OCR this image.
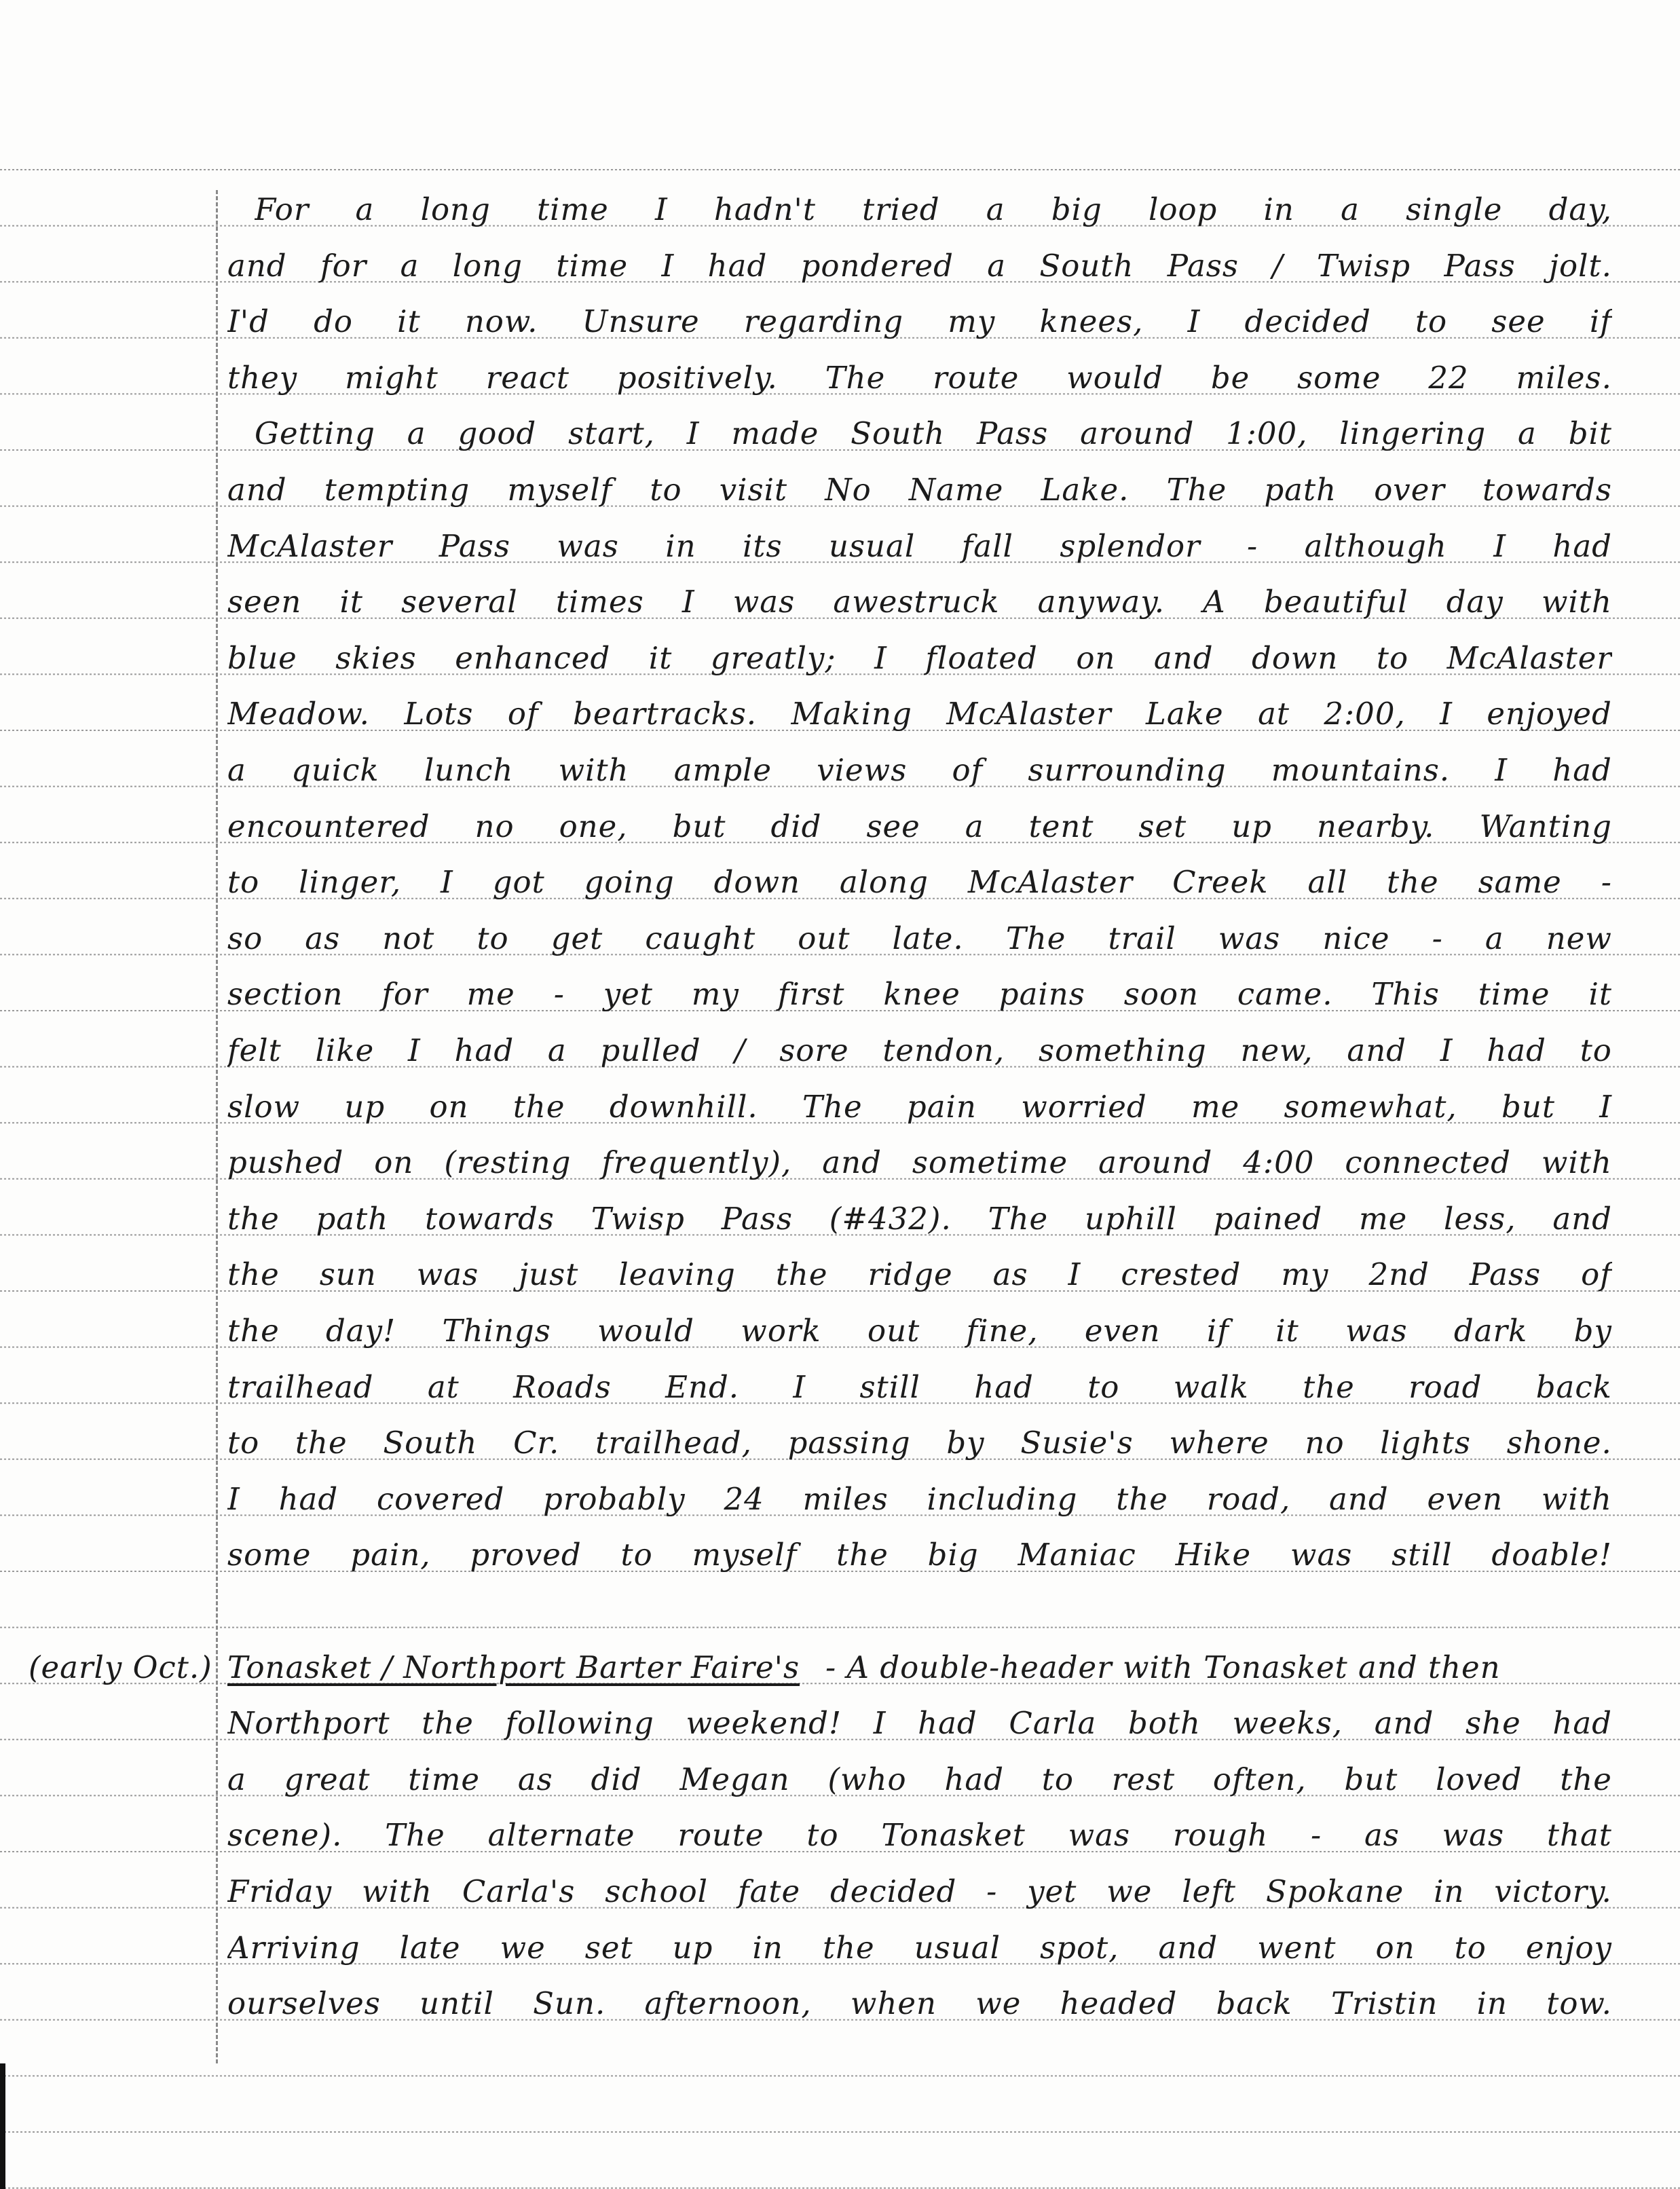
(early Oct.)
For a long time I hadn't tried a big loop in a single day,
and for a long time I had pondered a South Pass / Twisp Pass jolt.
I'd do it now. Unsure regarding my knees, I decided to see if
they might react positively. The route would be some 22 miles.
Getting a good start, I made South Pass around 1:00, lingering a bit
and tempting myself to visit No Name Lake. The path over towards
McAlaster Pass was in its usual fall splendor - although I had
seen it several times I was awestruck anyway. A beautiful day with
blue skies enhanced it greatly; I floated on and down to McAlaster
Meadow. Lots of beartracks. Making McAlaster Lake at 2:00, I enjoyed
a quick lunch with ample views of surrounding mountains. I had
encountered no one, but did see a tent set up nearby. Wanting
to linger, I got going down along McAlaster Creek all the same -
so as not to get caught out late. The trail was nice - a new
section for me - yet my first knee pains soon came. This time it
felt like I had a pulled / sore tendon, something new, and I had to
slow up on the downhill. The pain worried me somewhat, but I
pushed on (resting frequently), and sometime around 4:00 connected with
the path towards Twisp Pass (#432). The uphill pained me less, and
the sun was just leaving the ridge as I crested my 2nd Pass of
the day! Things would work out fine, even if it was dark by
trailhead at Roads End. I still had to walk the road back
to the South Cr. trailhead, passing by Susie's where no lights shone.
I had covered probably 24 miles including the road, and even with
some pain, proved to myself the big Maniac Hike was still doable!
Tonasket / Northport Barter Faire's - A double-header with Tonasket and then
Northport the following weekend! I had Carla both weeks, and she had
a great time as did Megan (who had to rest often, but loved the
scene). The alternate route to Tonasket was rough - as was that
Friday with Carla's school fate decided - yet we left Spokane in victory.
Arriving late we set up in the usual spot, and went on to enjoy
ourselves until Sun. afternoon, when we headed back Tristin in tow.
